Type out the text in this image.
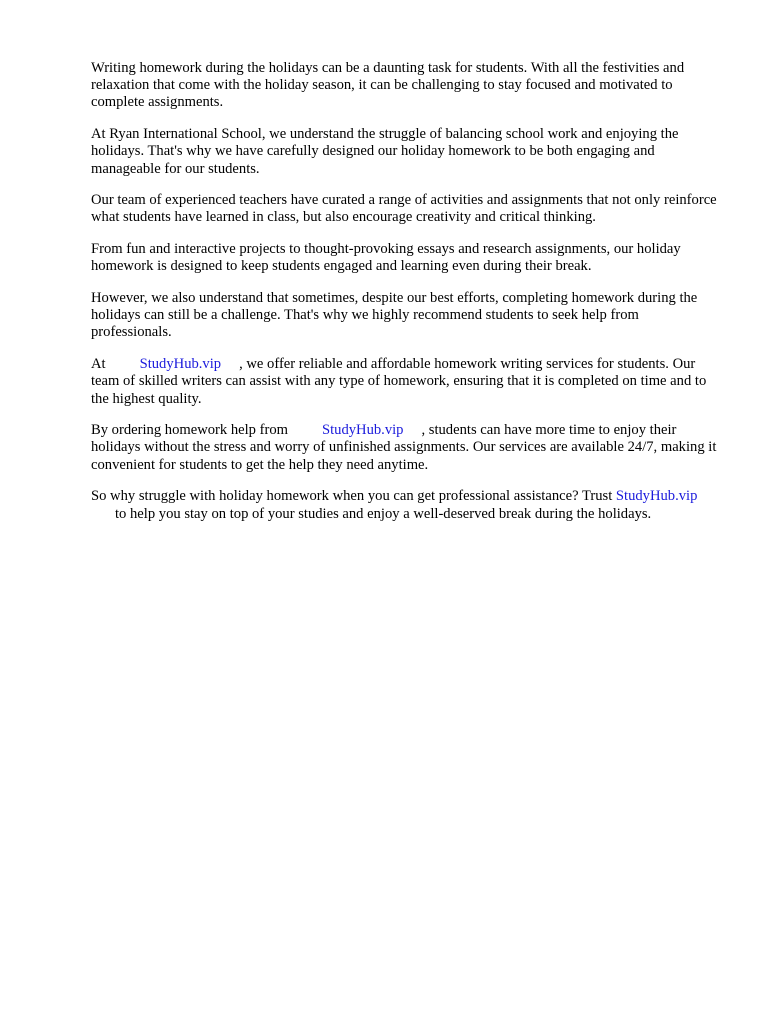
Writing homework during the holidays can be a daunting task for students. With all the festivities and relaxation that come with the holiday season, it can be challenging to stay focused and motivated to complete assignments.

At Ryan International School, we understand the struggle of balancing school work and enjoying the holidays. That's why we have carefully designed our holiday homework to be both engaging and manageable for our students.

Our team of experienced teachers have curated a range of activities and assignments that not only reinforce what students have learned in class, but also encourage creativity and critical thinking.

From fun and interactive projects to thought-provoking essays and research assignments, our holiday homework is designed to keep students engaged and learning even during their break.

However, we also understand that sometimes, despite our best efforts, completing homework during the holidays can still be a challenge. That's why we highly recommend students to seek help from professionals.

At StudyHub.vip , we offer reliable and affordable homework writing services for students. Our team of skilled writers can assist with any type of homework, ensuring that it is completed on time and to the highest quality.

By ordering homework help from StudyHub.vip , students can have more time to enjoy their holidays without the stress and worry of unfinished assignments. Our services are available 24/7, making it convenient for students to get the help they need anytime.

So why struggle with holiday homework when you can get professional assistance? Trust StudyHub.vipto help you stay on top of your studies and enjoy a well-deserved break during the holidays.
